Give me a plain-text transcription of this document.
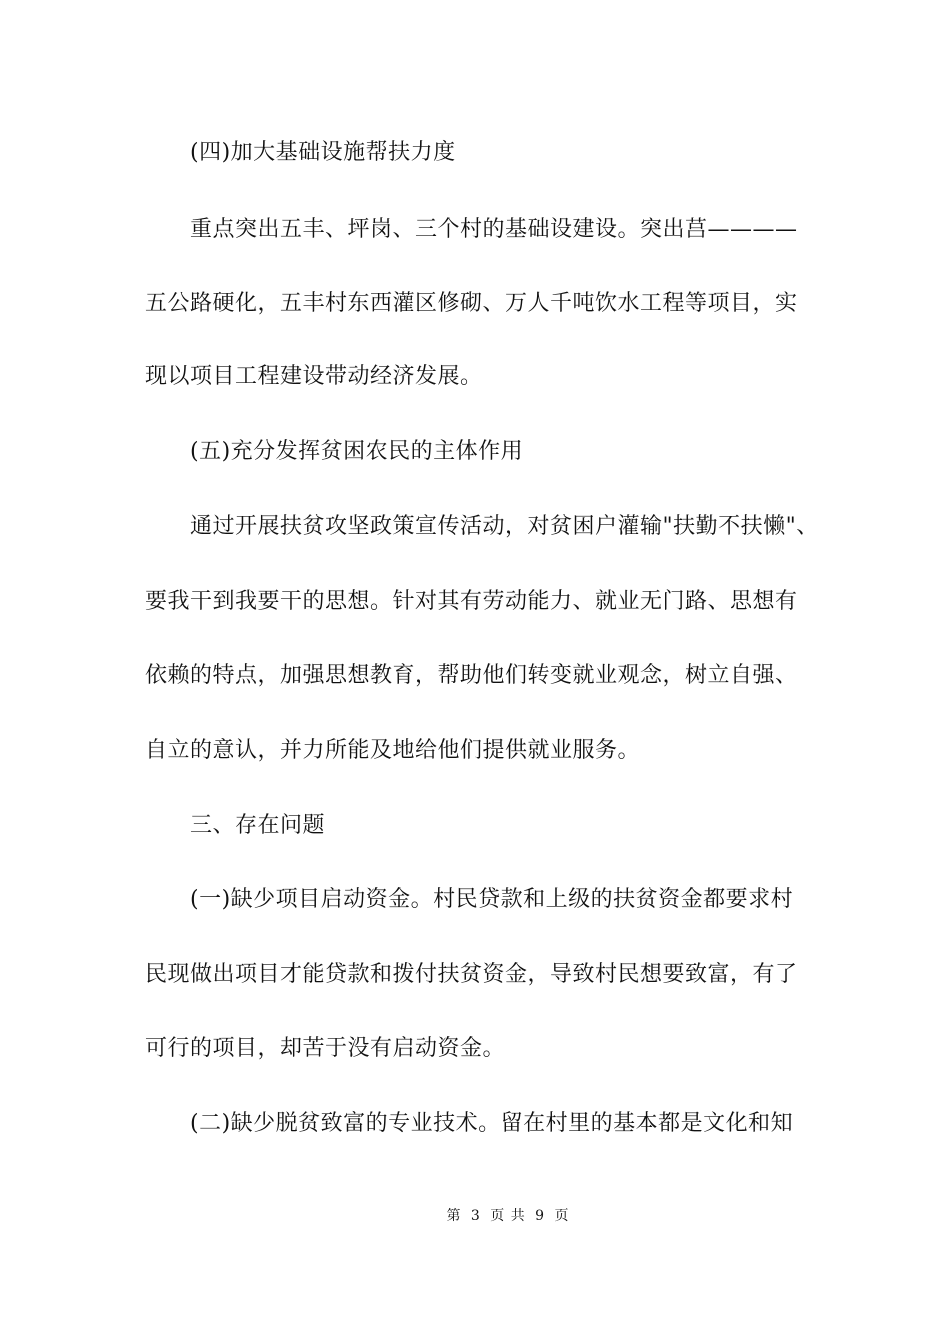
(四)加大基础设施帮扶力度
重点突出五丰、坪岗、三个村的基础设建设。突出莒————
五公路硬化，五丰村东西灌区修砌、万人千吨饮水工程等项目，实
现以项目工程建设带动经济发展。
(五)充分发挥贫困农民的主体作用
通过开展扶贫攻坚政策宣传活动，对贫困户灌输"扶勤不扶懒"、
要我干到我要干的思想。针对其有劳动能力、就业无门路、思想有
依赖的特点，加强思想教育，帮助他们转变就业观念，树立自强、
自立的意认，并力所能及地给他们提供就业服务。
三、存在问题
(一)缺少项目启动资金。村民贷款和上级的扶贫资金都要求村
民现做出项目才能贷款和拨付扶贫资金，导致村民想要致富，有了
可行的项目，却苦于没有启动资金。
(二)缺少脱贫致富的专业技术。留在村里的基本都是文化和知
第 3 页 共 9 页
